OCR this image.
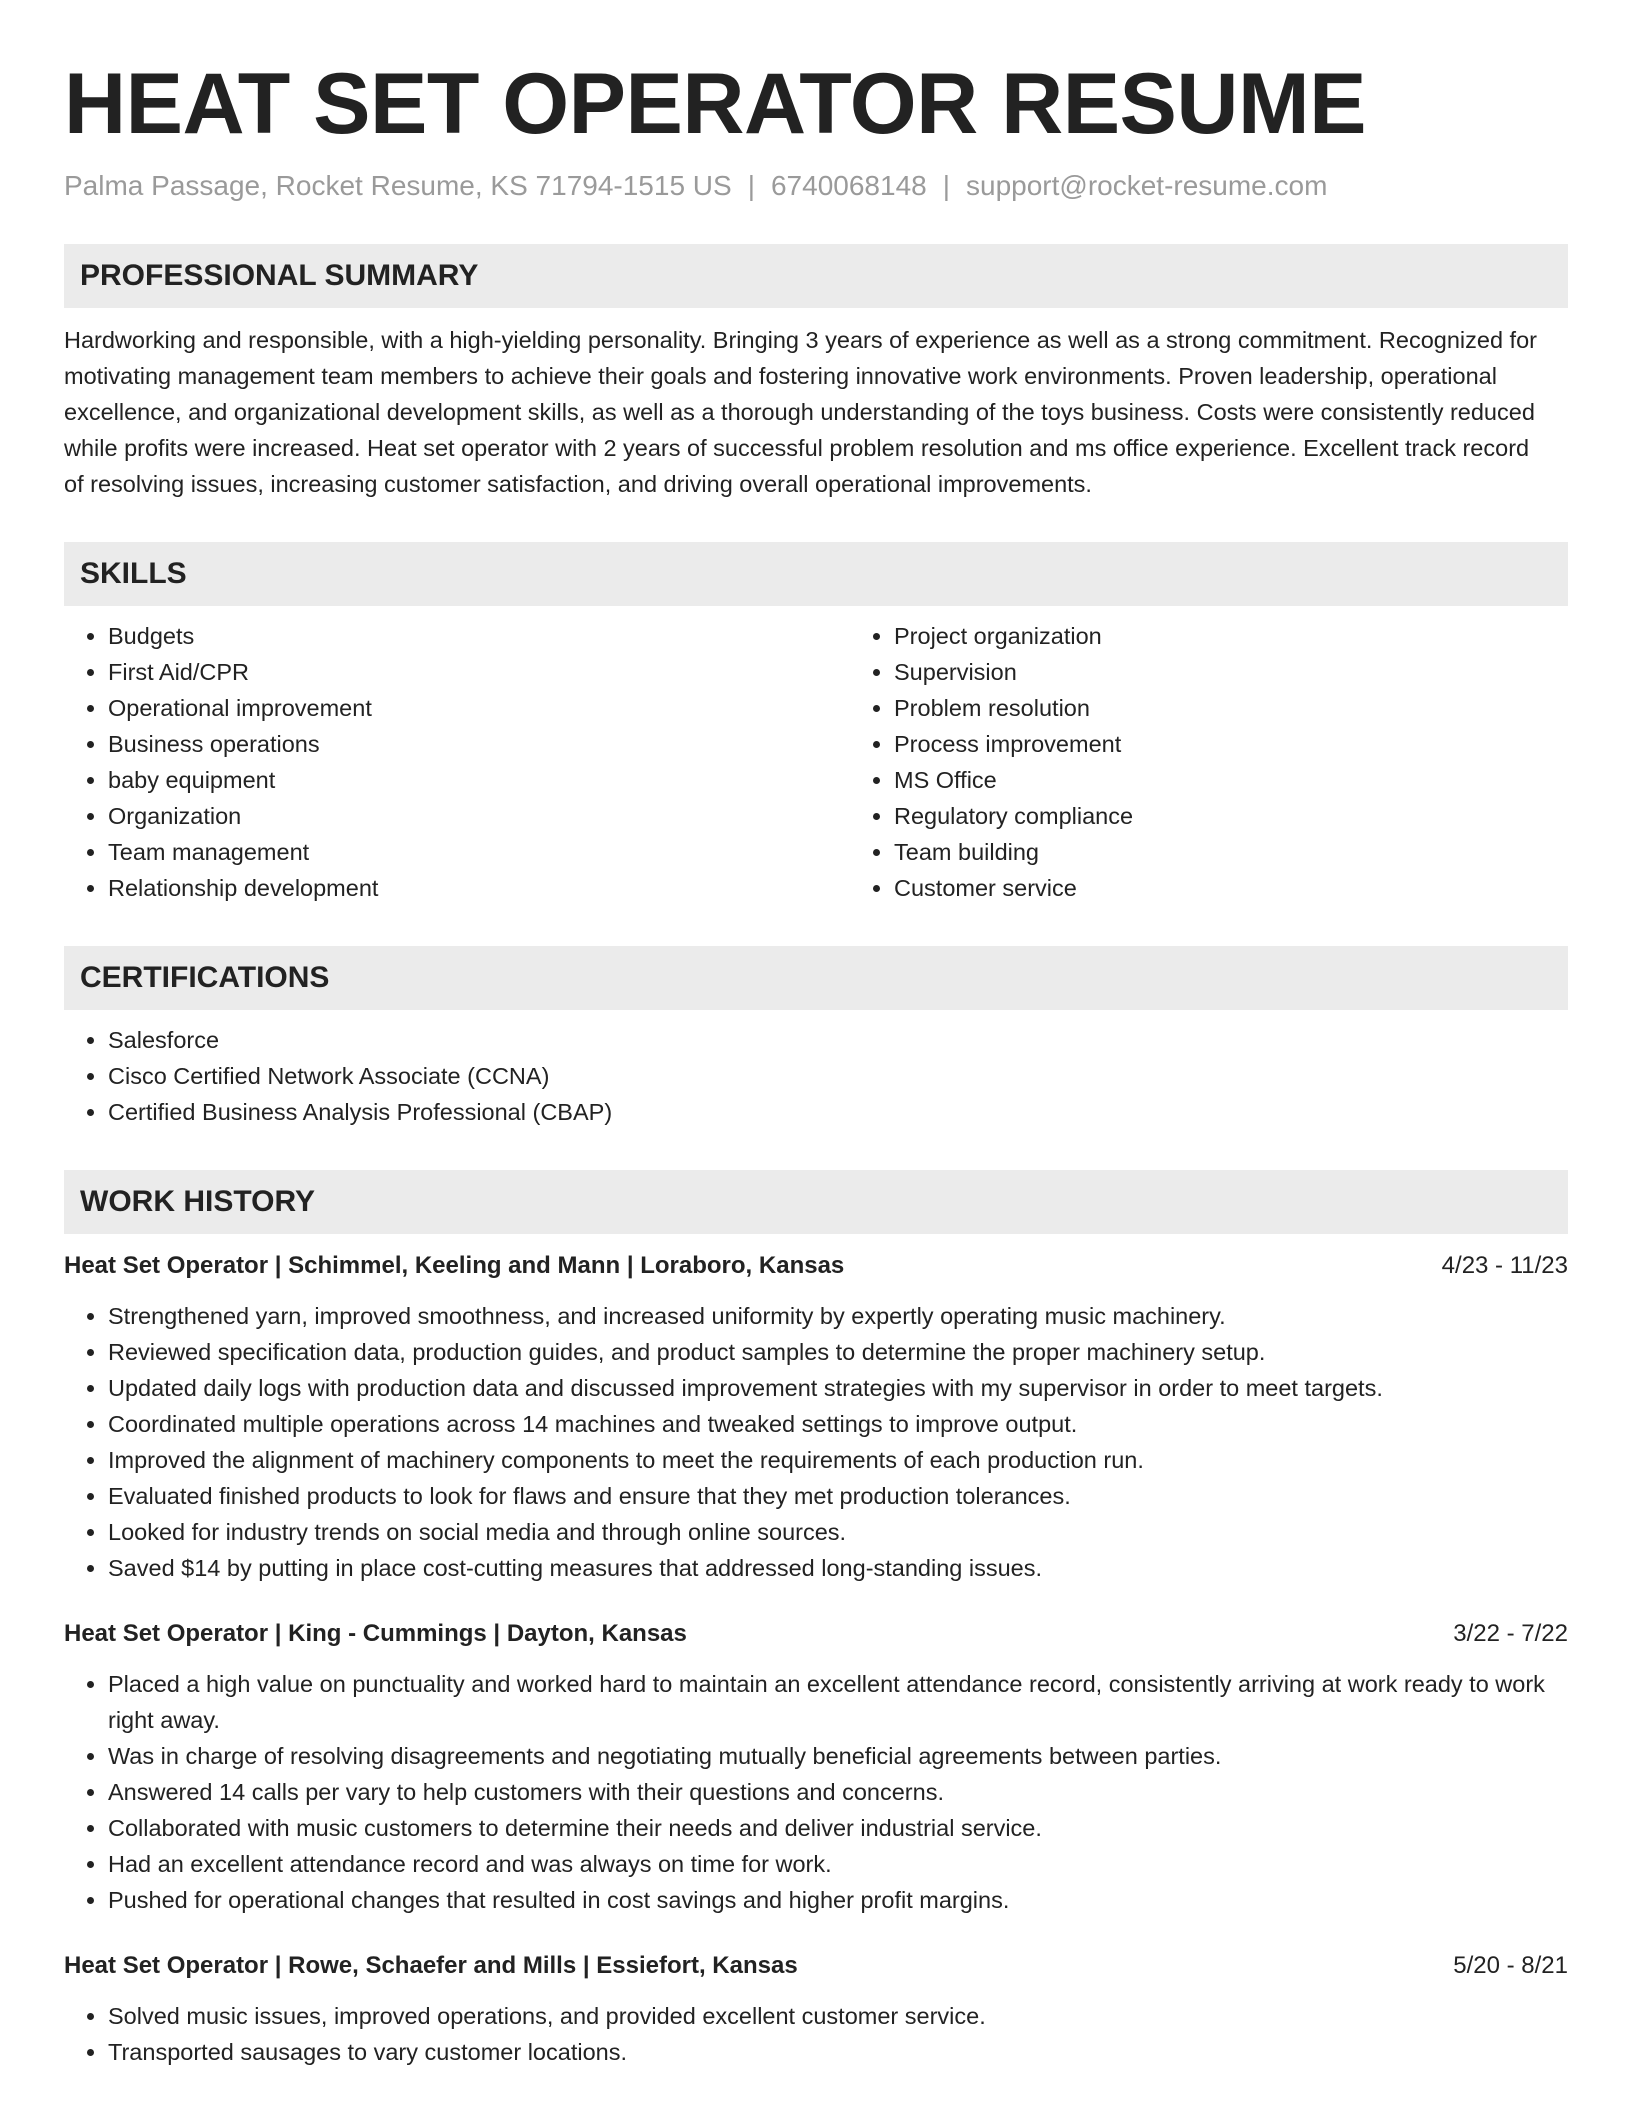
HEAT SET OPERATOR RESUME
Palma Passage, Rocket Resume, KS 71794-1515 US | 6740068148 | support@rocket-resume.com
PROFESSIONAL SUMMARY
Hardworking and responsible, with a high-yielding personality. Bringing 3 years of experience as well as a strong commitment. Recognized for motivating management team members to achieve their goals and fostering innovative work environments. Proven leadership, operational excellence, and organizational development skills, as well as a thorough understanding of the toys business. Costs were consistently reduced while profits were increased. Heat set operator with 2 years of successful problem resolution and ms office experience. Excellent track record of resolving issues, increasing customer satisfaction, and driving overall operational improvements.
SKILLS
• Budgets
• First Aid/CPR
• Operational improvement
• Business operations
• baby equipment
• Organization
• Team management
• Relationship development
• Project organization
• Supervision
• Problem resolution
• Process improvement
• MS Office
• Regulatory compliance
• Team building
• Customer service
CERTIFICATIONS
• Salesforce
• Cisco Certified Network Associate (CCNA)
• Certified Business Analysis Professional (CBAP)
WORK HISTORY
Heat Set Operator | Schimmel, Keeling and Mann | Loraboro, Kansas	4/23 - 11/23
• Strengthened yarn, improved smoothness, and increased uniformity by expertly operating music machinery.
• Reviewed specification data, production guides, and product samples to determine the proper machinery setup.
• Updated daily logs with production data and discussed improvement strategies with my supervisor in order to meet targets.
• Coordinated multiple operations across 14 machines and tweaked settings to improve output.
• Improved the alignment of machinery components to meet the requirements of each production run.
• Evaluated finished products to look for flaws and ensure that they met production tolerances.
• Looked for industry trends on social media and through online sources.
• Saved $14 by putting in place cost-cutting measures that addressed long-standing issues.
Heat Set Operator | King - Cummings | Dayton, Kansas	3/22 - 7/22
• Placed a high value on punctuality and worked hard to maintain an excellent attendance record, consistently arriving at work ready to work right away.
• Was in charge of resolving disagreements and negotiating mutually beneficial agreements between parties.
• Answered 14 calls per vary to help customers with their questions and concerns.
• Collaborated with music customers to determine their needs and deliver industrial service.
• Had an excellent attendance record and was always on time for work.
• Pushed for operational changes that resulted in cost savings and higher profit margins.
Heat Set Operator | Rowe, Schaefer and Mills | Essiefort, Kansas	5/20 - 8/21
• Solved music issues, improved operations, and provided excellent customer service.
• Transported sausages to vary customer locations.
